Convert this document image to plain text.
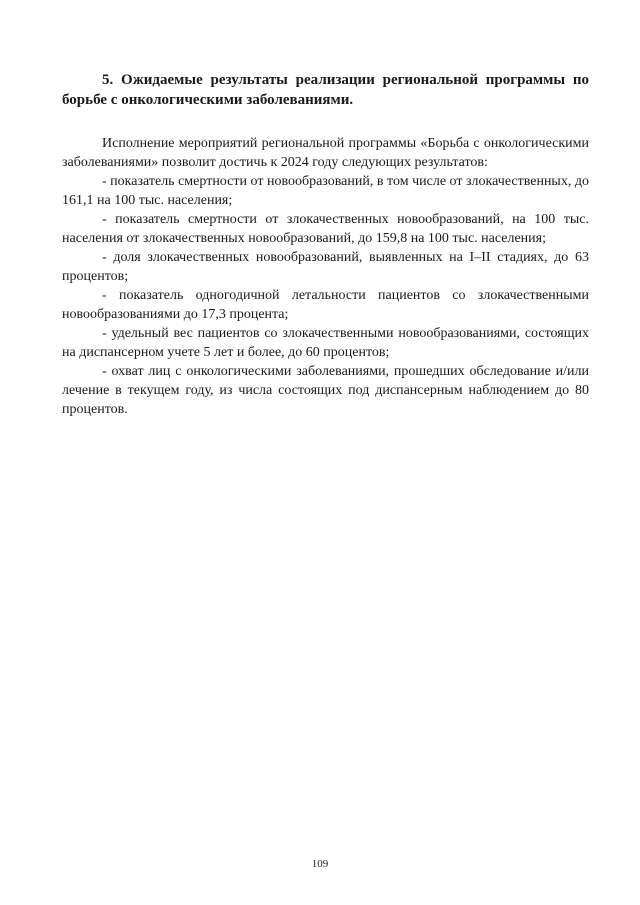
5. Ожидаемые результаты реализации региональной программы по борьбе с онкологическими заболеваниями.

Исполнение мероприятий региональной программы «Борьба с онкологическими заболеваниями» позволит достичь к 2024 году следующих результатов:

- показатель смертности от новообразований, в том числе от злокачественных, до 161,1 на 100 тыс. населения;

- показатель смертности от злокачественных новообразований, на 100 тыс. населения от злокачественных новообразований, до 159,8 на 100 тыс. населения;

- доля злокачественных новообразований, выявленных на I–II стадиях, до 63 процентов;

- показатель одногодичной летальности пациентов со злокачественными новообразованиями до 17,3 процента;

- удельный вес пациентов со злокачественными новообразованиями, состоящих на диспансерном учете 5 лет и более, до 60 процентов;

- охват лиц с онкологическими заболеваниями, прошедших обследование и/или лечение в текущем году, из числа состоящих под диспансерным наблюдением до 80 процентов.

109
